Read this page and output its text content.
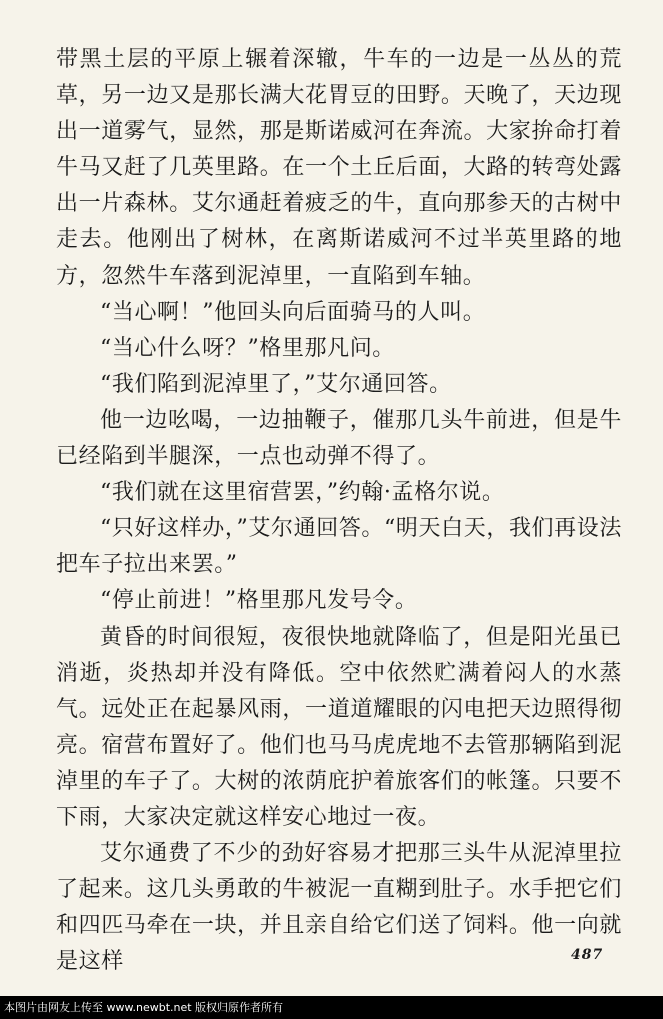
带黑土层的平原上辗着深辙，牛车的一边是一丛丛的荒草，另一边又是那长满大花胃豆的田野。天晚了，天边现出一道雾气，显然，那是斯诺威河在奔流。大家拚命打着牛马又赶了几英里路。在一个土丘后面，大路的转弯处露出一片森林。艾尔通赶着疲乏的牛，直向那参天的古树中走去。他刚出了树林，在离斯诺威河不过半英里路的地方，忽然牛车落到泥淖里，一直陷到车轴。

“当心啊！”他回头向后面骑马的人叫。

“当心什么呀？”格里那凡问。

“我们陷到泥淖里了，”艾尔通回答。

他一边吆喝，一边抽鞭子，催那几头牛前进，但是牛已经陷到半腿深，一点也动弹不得了。

“我们就在这里宿营罢，”约翰·孟格尔说。

“只好这样办，”艾尔通回答。“明天白天，我们再设法把车子拉出来罢。”

“停止前进！”格里那凡发号令。

黄昏的时间很短，夜很快地就降临了，但是阳光虽已消逝，炎热却并没有降低。空中依然贮满着闷人的水蒸气。远处正在起暴风雨，一道道耀眼的闪电把天边照得彻亮。宿营布置好了。他们也马马虎虎地不去管那辆陷到泥淖里的车子了。大树的浓荫庇护着旅客们的帐篷。只要不下雨，大家决定就这样安心地过一夜。

艾尔通费了不少的劲好容易才把那三头牛从泥淖里拉了起来。这几头勇敢的牛被泥一直糊到肚子。水手把它们和四匹马牵在一块，并且亲自给它们送了饲料。他一向就是这样	487
本图片由网友上传至 www.newbt.net 版权归原作者所有
